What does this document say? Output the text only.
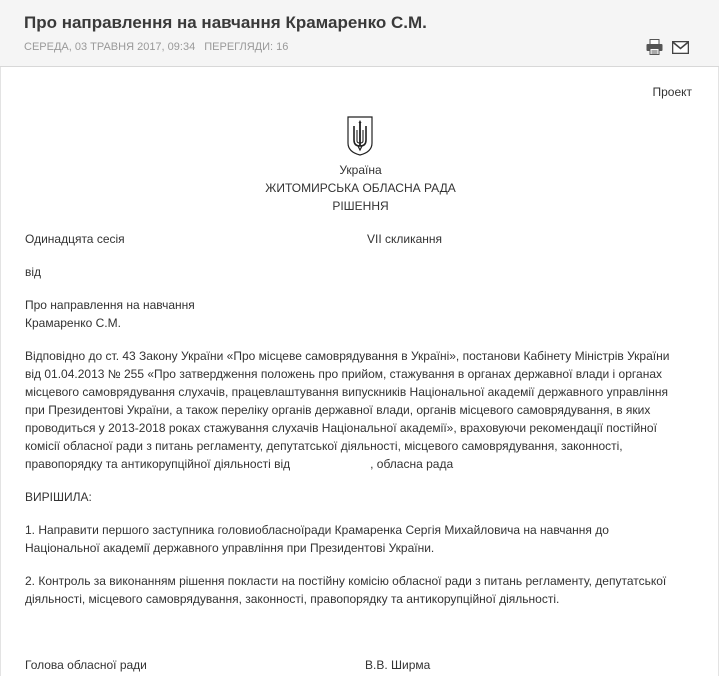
Про направлення на навчання Крамаренко С.М.
СЕРЕДА, 03 ТРАВНЯ 2017, 09:34 ПЕРЕГЛЯДИ: 16
Проект
Україна
ЖИТОМИРСЬКА ОБЛАСНА РАДА
РІШЕННЯ
Одинадцята сесія	VII скликання
від
Про направлення на навчання
Крамаренко С.М.
Відповідно до ст. 43 Закону України «Про місцеве самоврядування в Україні», постанови Кабінету Міністрів України
від 01.04.2013 № 255 «Про затвердження положень про прийом, стажування в органах державної влади і органах
місцевого самоврядування слухачів, працевлаштування випускників Національної академії державного управління
при Президентові України, а також переліку органів державної влади, органів місцевого самоврядування, в яких
проводиться у 2013-2018 роках стажування слухачів Національної академії», враховуючи рекомендації постійної
комісії обласної ради з питань регламенту, депутатської діяльності, місцевого самоврядування, законності,
правопорядку та антикорупційної діяльності від	, обласна рада
ВИРІШИЛА:
1. Направити першого заступника головиобласноїради Крамаренка Сергія Михайловича на навчання до
Національної академії державного управління при Президентові України.
2. Контроль за виконанням рішення покласти на постійну комісію обласної ради з питань регламенту, депутатської
діяльності, місцевого самоврядування, законності, правопорядку та антикорупційної діяльності.
Голова обласної ради	В.В. Ширма
